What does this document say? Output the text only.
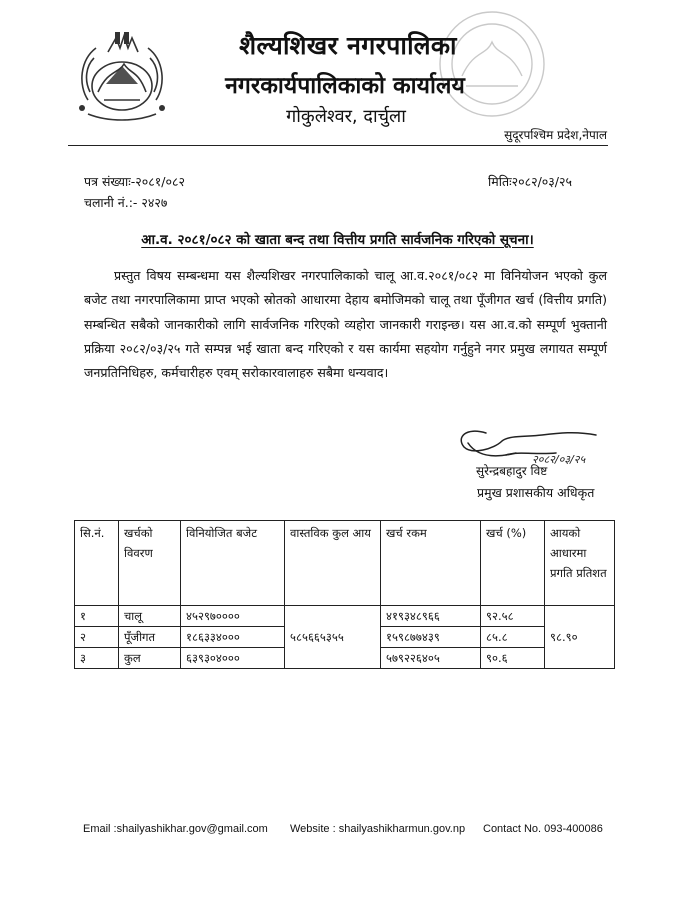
शैल्यशिखर नगरपालिका
नगरकार्यपालिकाको कार्यालय
गोकुलेश्वर, दार्चुला
सुदूरपश्चिम प्रदेश,नेपाल
पत्र संख्याः-२०८१/०८२
चलानी नं.:- २४२७
मितिः२०८२/०३/२५
आ.व. २०८१/०८२ को खाता बन्द तथा वित्तीय प्रगति सार्वजनिक गरिएको सूचना।
प्रस्तुत विषय सम्बन्धमा यस शैल्यशिखर नगरपालिकाको चालू आ.व.२०८१/०८२ मा विनियोजन भएको कुल बजेट तथा नगरपालिकामा प्राप्त भएको स्रोतको आधारमा देहाय बमोजिमको चालू तथा पूँजीगत खर्च (वित्तीय प्रगति) सम्बन्धित सबैको जानकारीको लागि सार्वजनिक गरिएको व्यहोरा जानकारी गराइन्छ। यस आ.व.को सम्पूर्ण भुक्तानी प्रक्रिया २०८२/०३/२५ गते सम्पन्न भई खाता बन्द गरिएको र यस कार्यमा सहयोग गर्नुहुने नगर प्रमुख लगायत सम्पूर्ण जनप्रतिनिधिहरु, कर्मचारीहरु एवम् सरोकारवालाहरु सबैमा धन्यवाद।
२०८२/०३/२५
सुरेन्द्रबहादुर विष्ट
प्रमुख प्रशासकीय अधिकृत
सि.नं.	खर्चको विवरण	विनियोजित बजेट	वास्तविक कुल आय	खर्च रकम	खर्च (%)	आयको आधारमा प्रगति प्रतिशत
१	चालू	४५२९७००००	५८५६६५३५५	४१९३४८९६६	९२.५८	९८.९०
२	पूँजीगत	१८६३३४०००		१५९८७७४३९	८५.८	
३	कुल	६३९३०४०००		५७९२२६४०५	९०.६	
Email :shailyashikhar.gov@gmail.com Website : shailyashikharmun.gov.np Contact No. 093-400086
